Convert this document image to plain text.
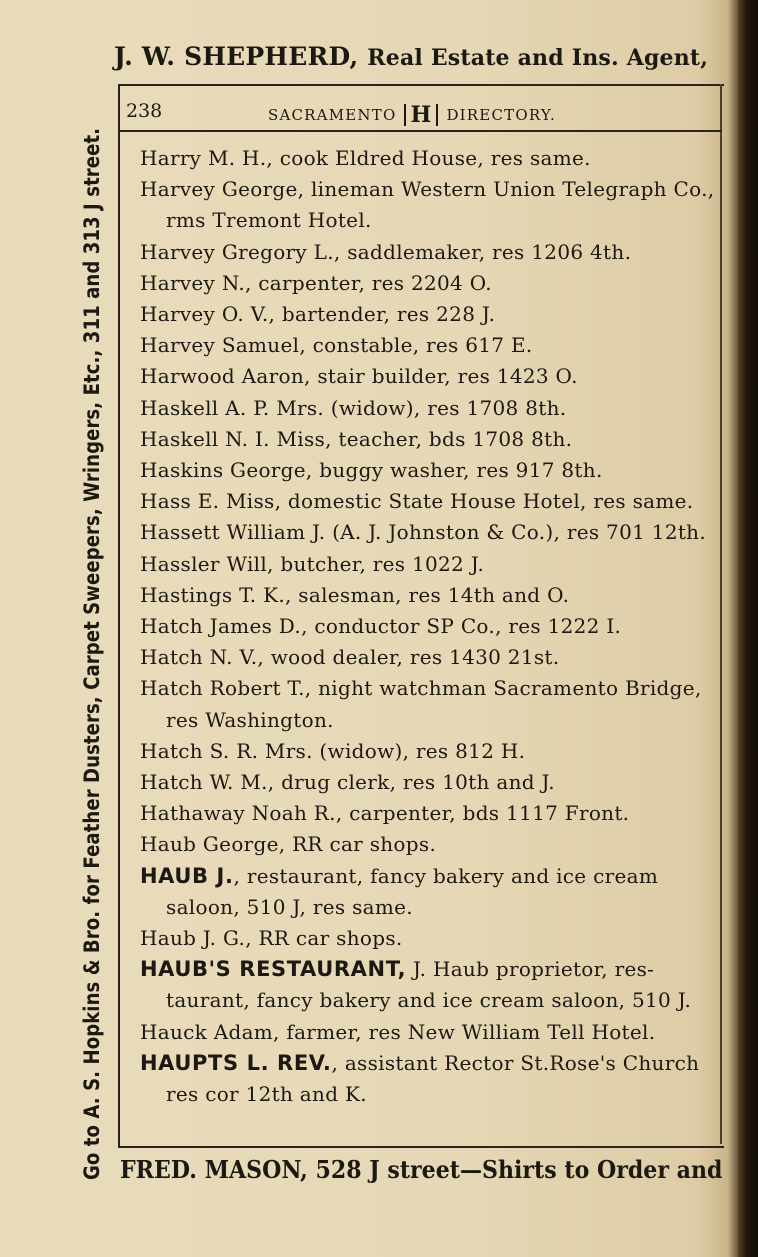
J. W. SHEPHERD, Real Estate and Ins. Agent,
Go to A. S. Hopkins & Bro. for Feather Dusters, Carpet Sweepers, Wringers, Etc., 311 and 313 J street.
238	SACRAMENTO H DIRECTORY.
Harry M. H., cook Eldred House, res same.
Harvey George, lineman Western Union Telegraph Co.,
rms Tremont Hotel.
Harvey Gregory L., saddlemaker, res 1206 4th.
Harvey N., carpenter, res 2204 O.
Harvey O. V., bartender, res 228 J.
Harvey Samuel, constable, res 617 E.
Harwood Aaron, stair builder, res 1423 O.
Haskell A. P. Mrs. (widow), res 1708 8th.
Haskell N. I. Miss, teacher, bds 1708 8th.
Haskins George, buggy washer, res 917 8th.
Hass E. Miss, domestic State House Hotel, res same.
Hassett William J. (A. J. Johnston & Co.), res 701 12th.
Hassler Will, butcher, res 1022 J.
Hastings T. K., salesman, res 14th and O.
Hatch James D., conductor SP Co., res 1222 I.
Hatch N. V., wood dealer, res 1430 21st.
Hatch Robert T., night watchman Sacramento Bridge,
res Washington.
Hatch S. R. Mrs. (widow), res 812 H.
Hatch W. M., drug clerk, res 10th and J.
Hathaway Noah R., carpenter, bds 1117 Front.
Haub George, RR car shops.
HAUB J., restaurant, fancy bakery and ice cream
saloon, 510 J, res same.
Haub J. G., RR car shops.
HAUB'S RESTAURANT, J. Haub proprietor, res-
taurant, fancy bakery and ice cream saloon, 510 J.
Hauck Adam, farmer, res New William Tell Hotel.
HAUPTS L. REV., assistant Rector St.Rose's Church
res cor 12th and K.
FRED. MASON, 528 J street—Shirts to Order and
